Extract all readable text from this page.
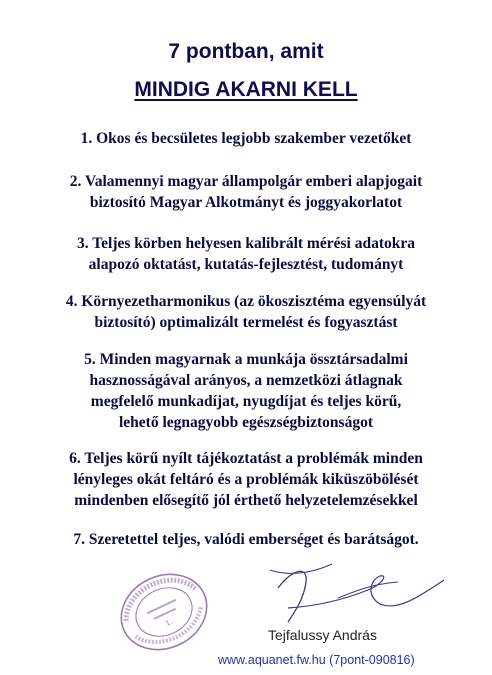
7 pontban, amit
MINDIG AKARNI KELL
1. Okos és becsületes legjobb szakember vezetőket
2. Valamennyi magyar állampolgár emberi alapjogait
biztosító Magyar Alkotmányt és joggyakorlatot
3. Teljes körben helyesen kalibrált mérési adatokra
alapozó oktatást, kutatás-fejlesztést, tudományt
4. Környezetharmonikus (az ökoszisztéma egyensúlyát
biztosító) optimalizált termelést és fogyasztást
5. Minden magyarnak a munkája össztársadalmi
hasznosságával arányos, a nemzetközi átlagnak
megfelelő munkadíjat, nyugdíjat és teljes körű,
lehető legnagyobb egészségbiztonságot
6. Teljes körű nyílt tájékoztatást a problémák minden
lényleges okát feltáró és a problémák kiküszöbölését
mindenben elősegítő jól érthető helyzetelemzésekkel
7. Szeretettel teljes, valódi emberséget és barátságot.
1.
Tejfalussy András
www.aquanet.fw.hu (7pont-090816)
